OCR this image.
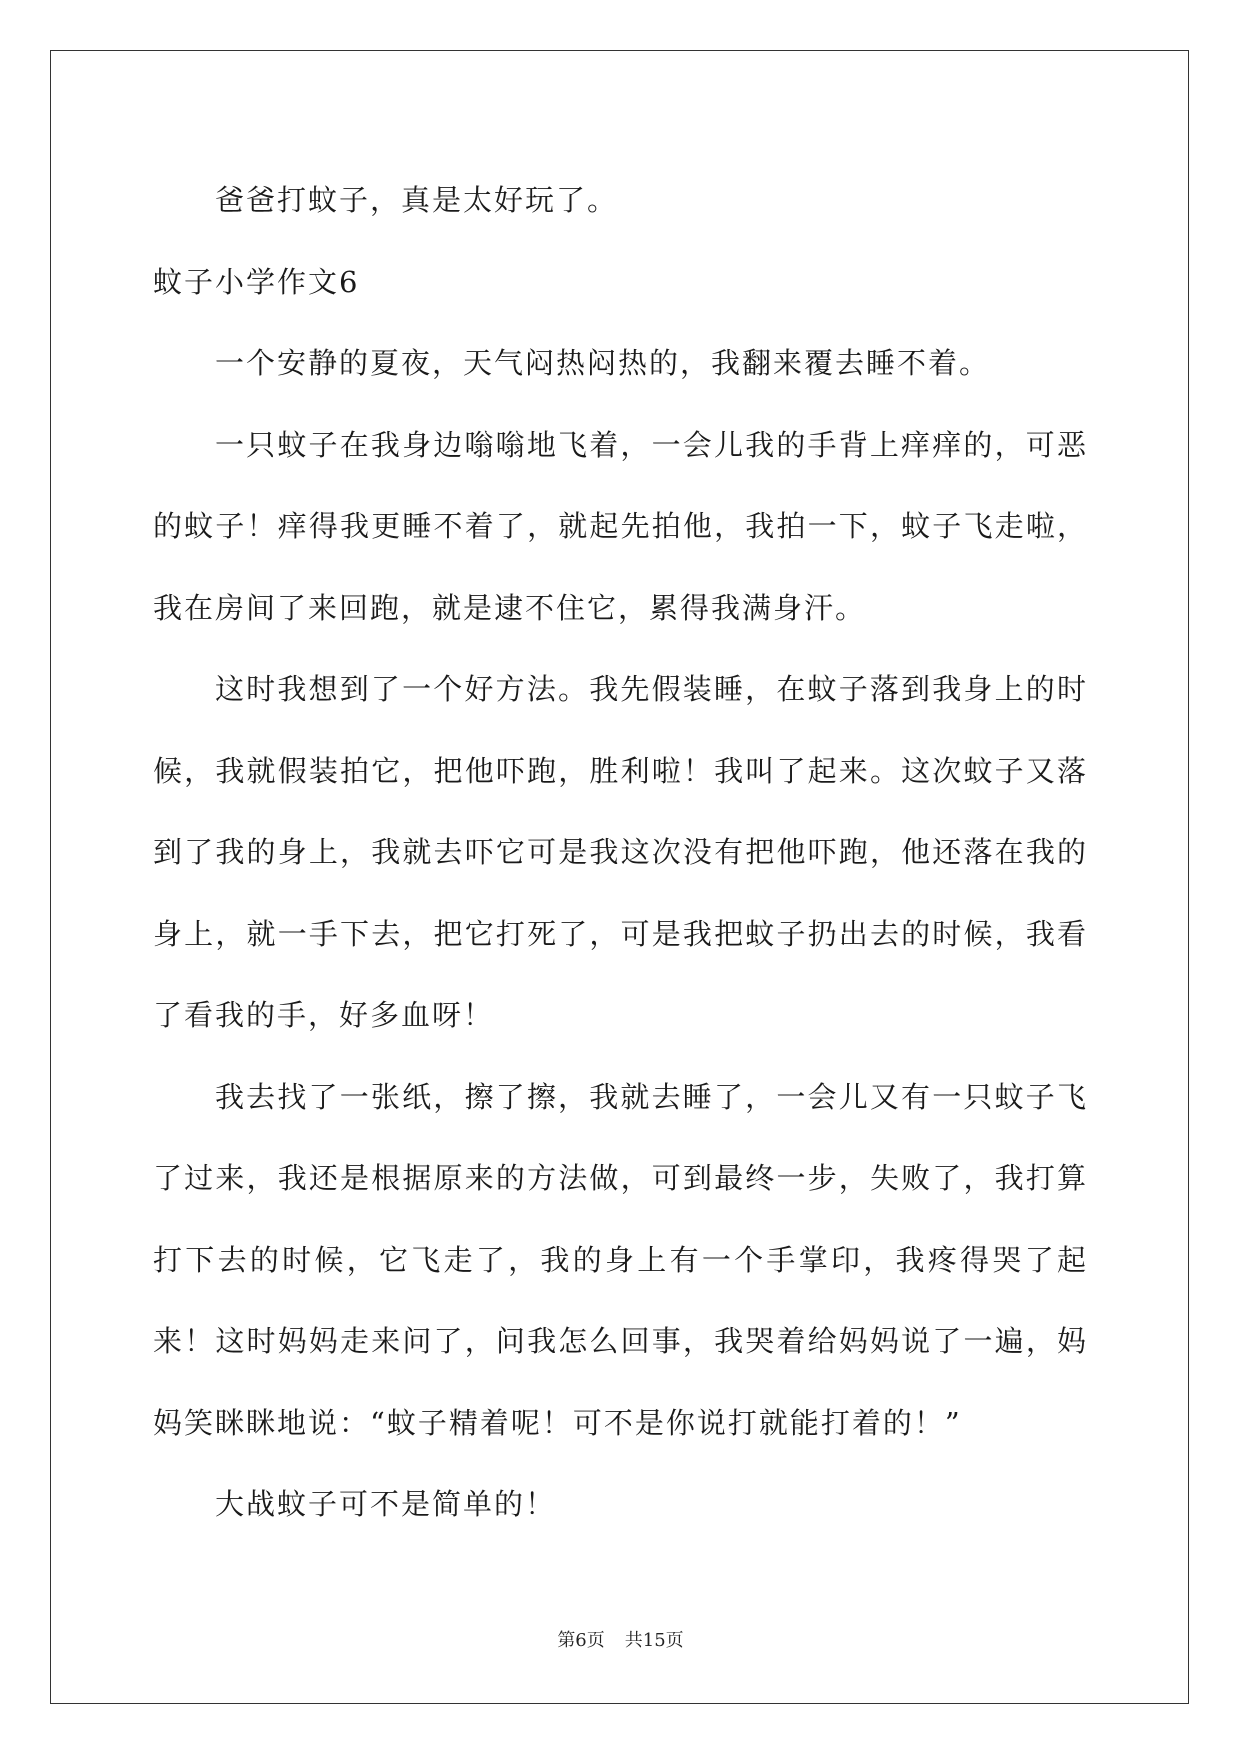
爸爸打蚊子，真是太好玩了。

蚊子小学作文6

一个安静的夏夜，天气闷热闷热的，我翻来覆去睡不着。

一只蚊子在我身边嗡嗡地飞着，一会儿我的手背上痒痒的，可恶的蚊子！痒得我更睡不着了，就起先拍他，我拍一下，蚊子飞走啦，我在房间了来回跑，就是逮不住它，累得我满身汗。

这时我想到了一个好方法。我先假装睡，在蚊子落到我身上的时候，我就假装拍它，把他吓跑，胜利啦！我叫了起来。这次蚊子又落到了我的身上，我就去吓它可是我这次没有把他吓跑，他还落在我的身上，就一手下去，把它打死了，可是我把蚊子扔出去的时候，我看了看我的手，好多血呀！

我去找了一张纸，擦了擦，我就去睡了，一会儿又有一只蚊子飞了过来，我还是根据原来的方法做，可到最终一步，失败了，我打算打下去的时候，它飞走了，我的身上有一个手掌印，我疼得哭了起来！这时妈妈走来问了，问我怎么回事，我哭着给妈妈说了一遍，妈妈笑眯眯地说：“蚊子精着呢！可不是你说打就能打着的！”

大战蚊子可不是简单的！

第6页 共15页
